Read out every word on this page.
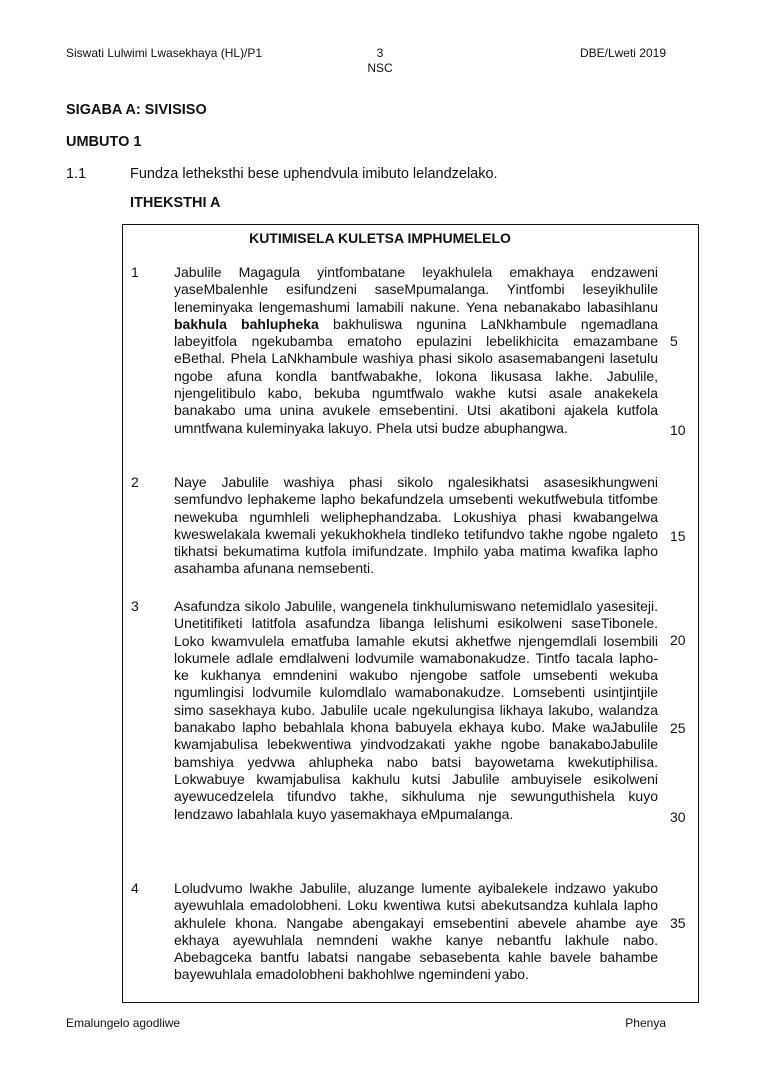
Siswati Lulwimi Lwasekhaya (HL)/P1	3
NSC
DBE/Lweti 2019
SIGABA A: SIVISISO
UMBUTO 1
1.1	Fundza letheksthi bese uphendvula imibuto lelandzelako.
ITHEKSTHI A
KUTIMISELA KULETSA IMPHUMELELO
1	Jabulile Magagula yintfombatane leyakhulela emakhaya endzaweni yaseMbalenhle esifundzeni saseMpumalanga. Yintfombi leseyikhulile leneminyaka lengemashumi lamabili nakune. Yena nebanakabo labasihlanu bakhula bahlupheka bakhuliswa ngunina LaNkhambule ngemadlana labeyitfola ngekubamba ematoho epulazini lebelikhicita emazambane eBethal. Phela LaNkhambule washiya phasi sikolo asasemabangeni lasetulu ngobe afuna kondla bantfwabakhe, lokona likusasa lakhe. Jabulile, njengelitibulo kabo, bekuba ngumtfwalo wakhe kutsi asale anakekela banakabo uma unina avukele emsebentini. Utsi akatiboni ajakela kutfola umntfwana kuleminyaka lakuyo. Phela utsi budze abuphangwa.
2	Naye Jabulile washiya phasi sikolo ngalesikhatsi asasesikhungweni semfundvo lephakeme lapho bekafundzela umsebenti wekutfwebula titfombe newekuba ngumhleli weliphephandzaba. Lokushiya phasi kwabangelwa kweswelakala kwemali yekukhokhela tindleko tetifundvo takhe ngobe ngaleto tikhatsi bekumatima kutfola imifundzate. Imphilo yaba matima kwafika lapho asahamba afunana nemsebenti.
3	Asafundza sikolo Jabulile, wangenela tinkhulumiswano netemidlalo yasesiteji. Unetitifiketi latitfola asafundza libanga lelishumi esikolweni saseTibonele. Loko kwamvulela ematfuba lamahle ekutsi akhetfwe njengemdlali losembili lokumele adlale emdlalweni lodvumile wamabonakudze. Tintfo tacala lapho-ke kukhanya emndenini wakubo njengobe satfole umsebenti wekuba ngumlingisi lodvumile kulomdlalo wamabonakudze. Lomsebenti usintjintjile simo sasekhaya kubo. Jabulile ucale ngekulungisa likhaya lakubo, walandza banakabo lapho bebahlala khona babuyela ekhaya kubo. Make waJabulile kwamjabulisa lebekwentiwa yindvodzakati yakhe ngobe banakaboJabulile bamshiya yedvwa ahlupheka nabo batsi bayowetama kwekutiphilisa. Lokwabuye kwamjabulisa kakhulu kutsi Jabulile ambuyisele esikolweni ayewucedzelela tifundvo takhe, sikhuluma nje sewunguthishela kuyo lendzawo labahlala kuyo yasemakhaya eMpumalanga.
4	Loludvumo lwakhe Jabulile, aluzange lumente ayibalekele indzawo yakubo ayewuhlala emadolobheni. Loku kwentiwa kutsi abekutsandza kuhlala lapho akhulele khona. Nangabe abengakayi emsebentini abevele ahambe aye ekhaya ayewuhlala nemndeni wakhe kanye nebantfu lakhule nabo. Abebagceka bantfu labatsi nangabe sebasebenta kahle bavele bahambe bayewuhlala emadolobheni bakhohlwe ngemindeni yabo.
5
10
15
20
25
30
35
Emalungelo agodliwe	Phenya
